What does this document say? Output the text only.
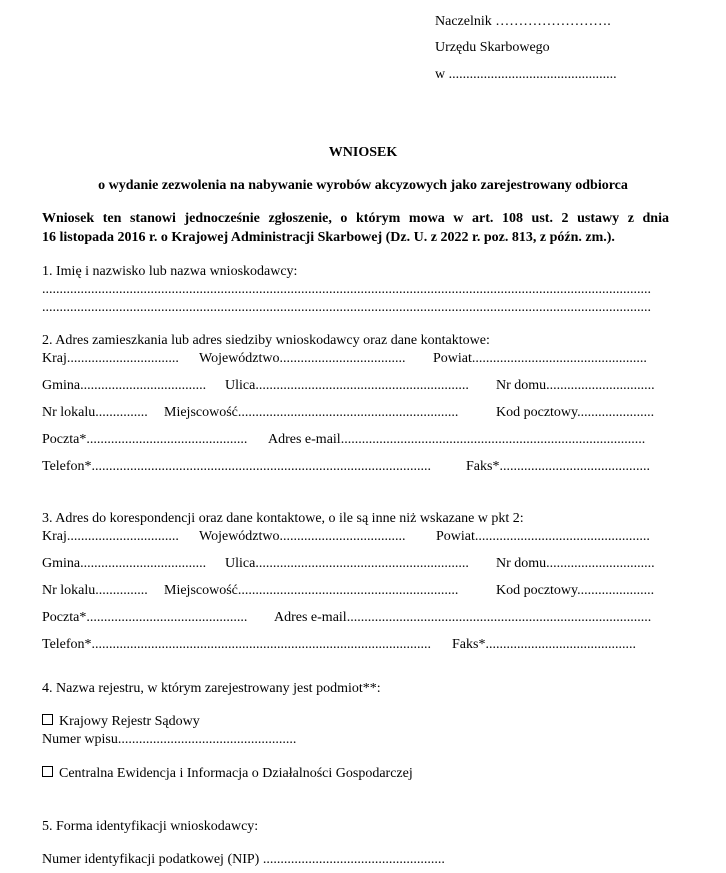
Naczelnik …………………….
Urzędu Skarbowego
w ................................................
WNIOSEK
o wydanie zezwolenia na nabywanie wyrobów akcyzowych jako zarejestrowany odbiorca
Wniosek ten stanowi jednocześnie zgłoszenie, o którym mowa w art. 108 ust. 2 ustawy z dnia
16 listopada 2016 r. o Krajowej Administracji Skarbowej (Dz. U. z 2022 r. poz. 813, z późn. zm.).
1. Imię i nazwisko lub nazwa wnioskodawcy:
..............................................................................................................................................................................
..............................................................................................................................................................................
2. Adres zamieszkania lub adres siedziby wnioskodawcy oraz dane kontaktowe:
Kraj................................	Województwo....................................	Powiat..................................................
Gmina....................................	Ulica.............................................................	Nr domu...............................
Nr lokalu...............	Miejscowość...............................................................	Kod pocztowy......................
Poczta*..............................................	Adres e-mail.......................................................................................
Telefon*.................................................................................................	Faks*...........................................
3. Adres do korespondencji oraz dane kontaktowe, o ile są inne niż wskazane w pkt 2:
Kraj................................	Województwo....................................	Powiat..................................................
Gmina....................................	Ulica.............................................................	Nr domu...............................
Nr lokalu...............	Miejscowość...............................................................	Kod pocztowy......................
Poczta*..............................................	Adres e-mail.......................................................................................
Telefon*.................................................................................................	Faks*...........................................
4. Nazwa rejestru, w którym zarejestrowany jest podmiot**:
Krajowy Rejestr Sądowy
Numer wpisu...................................................
Centralna Ewidencja i Informacja o Działalności Gospodarczej
5. Forma identyfikacji wnioskodawcy:
Numer identyfikacji podatkowej (NIP) ....................................................
